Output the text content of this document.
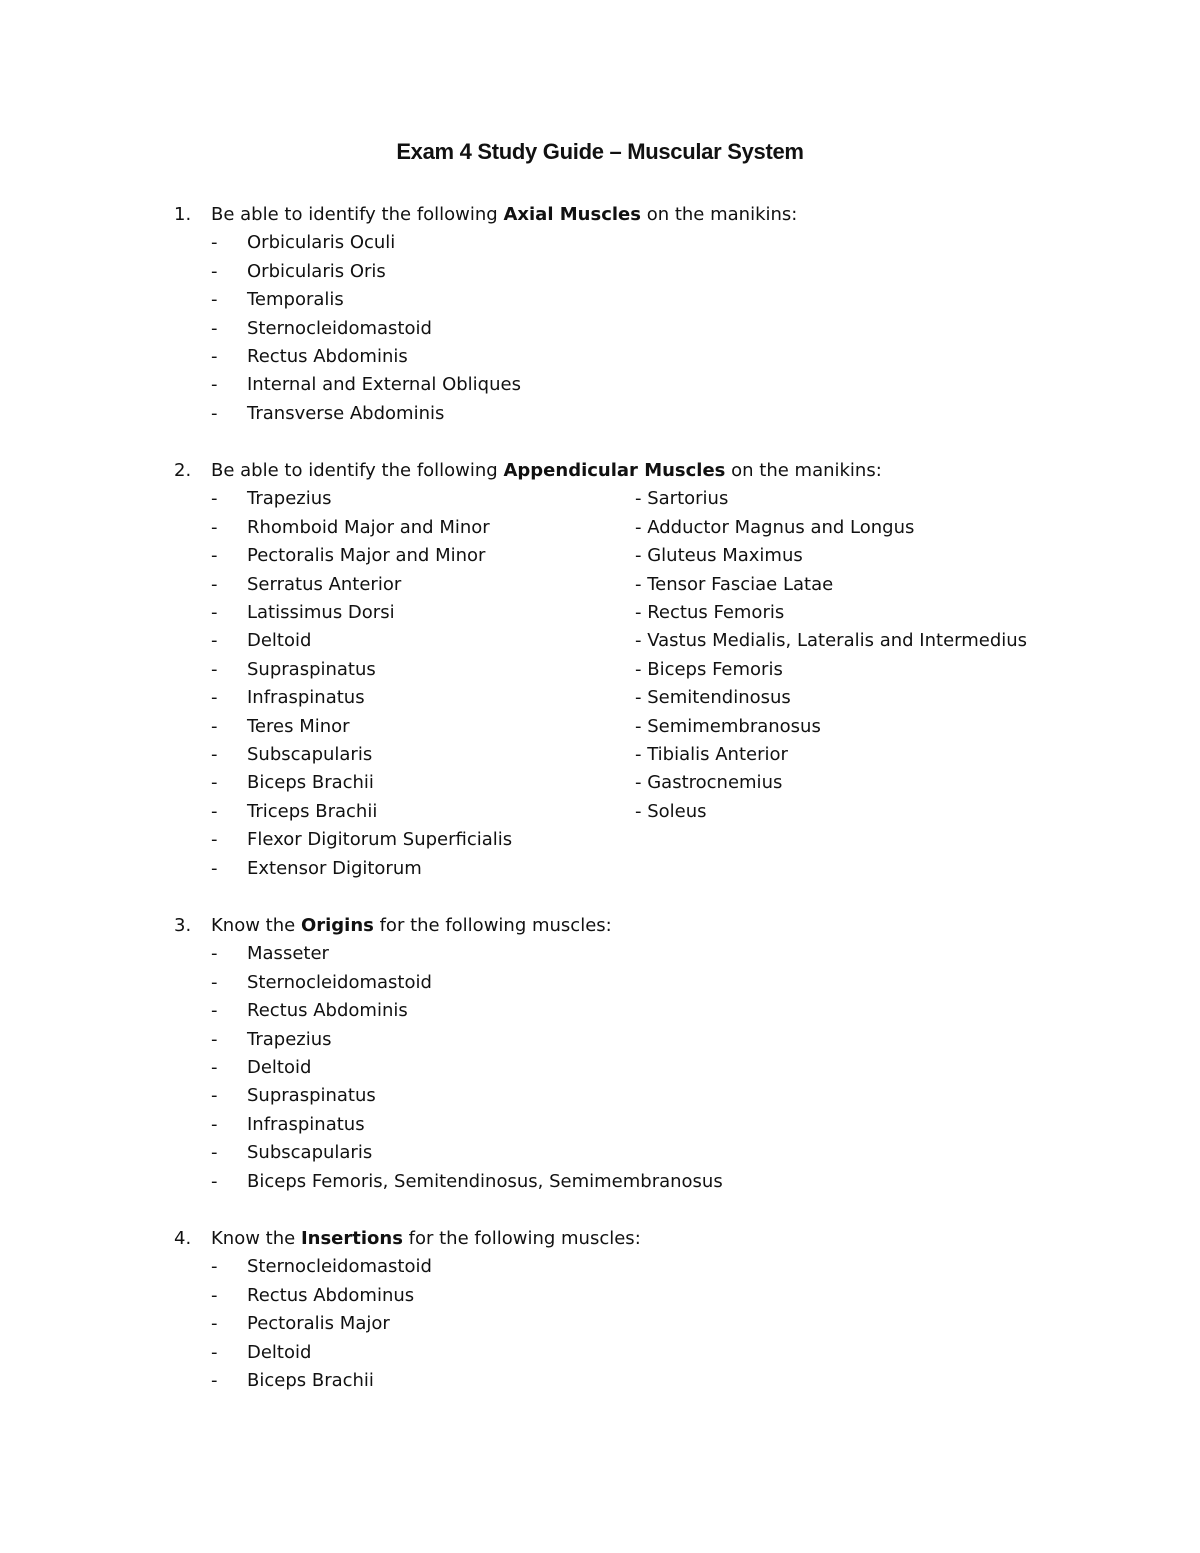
Exam 4 Study Guide – Muscular System
1. Be able to identify the following Axial Muscles on the manikins:
- Orbicularis Oculi
- Orbicularis Oris
- Temporalis
- Sternocleidomastoid
- Rectus Abdominis
- Internal and External Obliques
- Transverse Abdominis
2. Be able to identify the following Appendicular Muscles on the manikins:
- Trapezius
- Rhomboid Major and Minor
- Pectoralis Major and Minor
- Serratus Anterior
- Latissimus Dorsi
- Deltoid
- Supraspinatus
- Infraspinatus
- Teres Minor
- Subscapularis
- Biceps Brachii
- Triceps Brachii
- Flexor Digitorum Superficialis
- Extensor Digitorum
- Sartorius
- Adductor Magnus and Longus
- Gluteus Maximus
- Tensor Fasciae Latae
- Rectus Femoris
- Vastus Medialis, Lateralis and Intermedius
- Biceps Femoris
- Semitendinosus
- Semimembranosus
- Tibialis Anterior
- Gastrocnemius
- Soleus
3. Know the Origins for the following muscles:
- Masseter
- Sternocleidomastoid
- Rectus Abdominis
- Trapezius
- Deltoid
- Supraspinatus
- Infraspinatus
- Subscapularis
- Biceps Femoris, Semitendinosus, Semimembranosus
4. Know the Insertions for the following muscles:
- Sternocleidomastoid
- Rectus Abdominus
- Pectoralis Major
- Deltoid
- Biceps Brachii
